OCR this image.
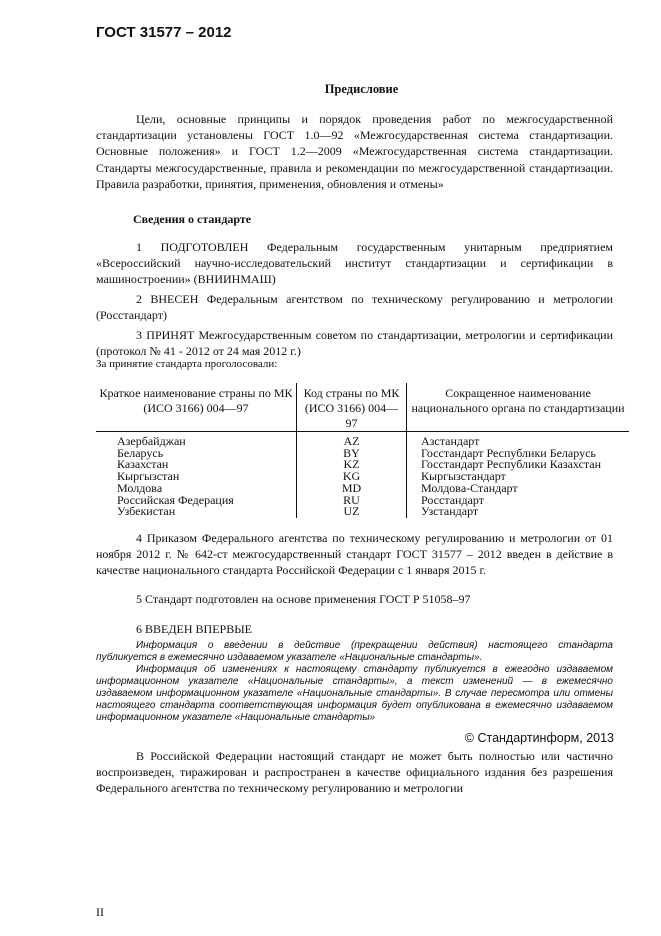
ГОСТ 31577 – 2012
Предисловие
Цели, основные принципы и порядок проведения работ по межгосударственной стандартизации установлены ГОСТ 1.0—92 «Межгосударственная система стандартизации. Основные положения» и ГОСТ 1.2—2009 «Межгосударственная система стандартизации. Стандарты межгосударственные, правила и рекомендации по межгосударственной стандартизации. Правила разработки, принятия, применения, обновления и отмены»
Сведения о стандарте
1 ПОДГОТОВЛЕН Федеральным государственным унитарным предприятием «Всероссийский научно-исследовательский институт стандартизации и сертификации в машиностроении» (ВНИИНМАШ)
2 ВНЕСЕН Федеральным агентством по техническому регулированию и метрологии (Росстандарт)
3 ПРИНЯТ Межгосударственным советом по стандартизации, метрологии и сертификации (протокол № 41 - 2012 от 24 мая 2012 г.)
За принятие стандарта проголосовали:
Краткое наименование страны по МК (ИСО 3166) 004—97	Код страны по МК (ИСО 3166) 004—97	Сокращенное наименование национального органа по стандартизации
Азербайджан	AZ	Азстандарт
Беларусь	BY	Госстандарт Республики Беларусь
Казахстан	KZ	Госстандарт Республики Казахстан
Кыргызстан	KG	Кыргызстандарт
Молдова	MD	Молдова-Стандарт
Российская Федерация	RU	Росстандарт
Узбекистан	UZ	Узстандарт
4 Приказом Федерального агентства по техническому регулированию и метрологии от 01 ноября 2012 г. № 642-ст межгосударственный стандарт ГОСТ 31577 – 2012 введен в действие в качестве национального стандарта Российской Федерации с 1 января 2015 г.
5 Стандарт подготовлен на основе применения ГОСТ Р 51058–97
6 ВВЕДЕН ВПЕРВЫЕ
Информация о введении в действие (прекращении действия) настоящего стандарта публикуется в ежемесячно издаваемом указателе «Национальные стандарты».
Информация об изменениях к настоящему стандарту публикуется в ежегодно издаваемом информационном указателе «Национальные стандарты», а текст изменений — в ежемесячно издаваемом информационном указателе «Национальные стандарты». В случае пересмотра или отмены настоящего стандарта соответствующая информация будет опубликована в ежемесячно издаваемом информационном указателе «Национальные стандарты»
© Стандартинформ, 2013
В Российской Федерации настоящий стандарт не может быть полностью или частично воспроизведен, тиражирован и распространен в качестве официального издания без разрешения Федерального агентства по техническому регулированию и метрологии
II
